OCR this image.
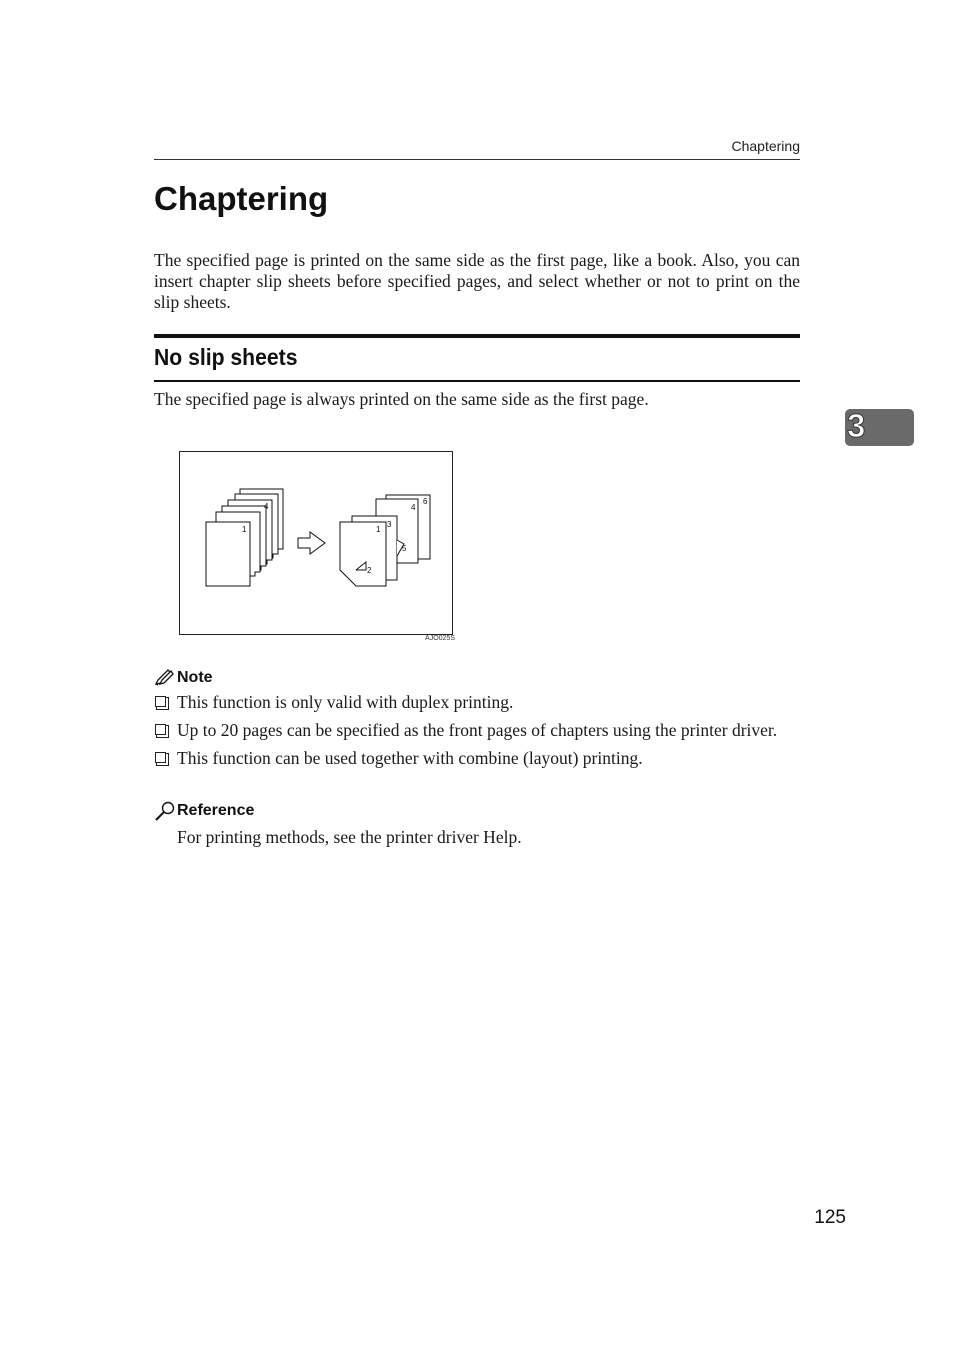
Chaptering
Chaptering

The specified page is printed on the same side as the first page, like a book. Also, you can insert chapter slip sheets before specified pages, and select whether or not to print on the slip sheets.

No slip sheets

The specified page is always printed on the same side as the first page.

4
1
6
4
3
1
5
2
AJO025S
Note
This function is only valid with duplex printing.
Up to 20 pages can be specified as the front pages of chapters using the printer driver.
This function can be used together with combine (layout) printing.
Reference

For printing methods, see the printer driver Help.

3
125
